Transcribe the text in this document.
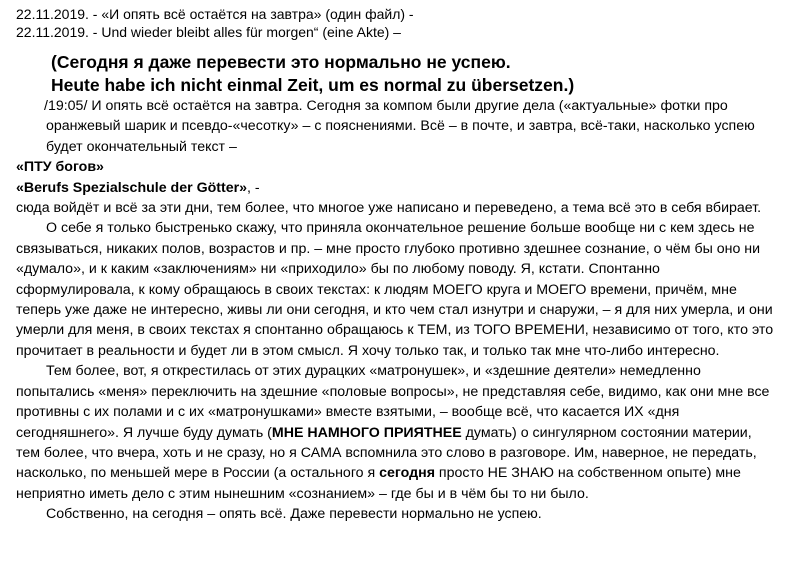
22.11.2019. - «И опять всё остаётся на завтра» (один файл) -
22.11.2019. - Und wieder bleibt alles für morgen“ (eine Akte) –
(Сегодня я даже перевести это нормально не успею.
Heute habe ich nicht einmal Zeit, um es normal zu übersetzen.)

/19:05/ И опять всё остаётся на завтра. Сегодня за компом были другие дела («актуальные» фотки про оранжевый шарик и псевдо-«чесотку» – с пояснениями. Всё – в почте, и завтра, всё-таки, насколько успею будет окончательный текст –

«ПТУ богов»

«Berufs Spezialschule der Götter», -

сюда войдёт и всё за эти дни, тем более, что многое уже написано и переведено, а тема всё это в себя вбирает.

О себе я только быстренько скажу, что приняла окончательное решение больше вообще ни с кем здесь не связываться, никаких полов, возрастов и пр. – мне просто глубоко противно здешнее сознание, о чём бы оно ни «думало», и к каким «заключениям» ни «приходило» бы по любому поводу. Я, кстати. Спонтанно сформулировала, к кому обращаюсь в своих текстах: к людям МОЕГО круга и МОЕГО времени, причём, мне теперь уже даже не интересно, живы ли они сегодня, и кто чем стал изнутри и снаружи, – я для них умерла, и они умерли для меня, в своих текстах я спонтанно обращаюсь к ТЕМ, из ТОГО ВРЕМЕНИ, независимо от того, кто это прочитает в реальности и будет ли в этом смысл. Я хочу только так, и только так мне что-либо интересно.

Тем более, вот, я открестилась от этих дурацких «матронушек», и «здешние деятели» немедленно попытались «меня» переключить на здешние «половые вопросы», не представляя себе, видимо, как они мне все противны с их полами и с их «матронушками» вместе взятыми, – вообще всё, что касается ИХ «дня сегодняшнего». Я лучше буду думать (МНЕ НАМНОГО ПРИЯТНЕЕ думать) о сингулярном состоянии материи, тем более, что вчера, хоть и не сразу, но я САМА вспомнила это слово в разговоре. Им, наверное, не передать, насколько, по меньшей мере в России (а остального я сегодня просто НЕ ЗНАЮ на собственном опыте) мне неприятно иметь дело с этим нынешним «сознанием» – где бы и в чём бы то ни было.

Собственно, на сегодня – опять всё. Даже перевести нормально не успею.
